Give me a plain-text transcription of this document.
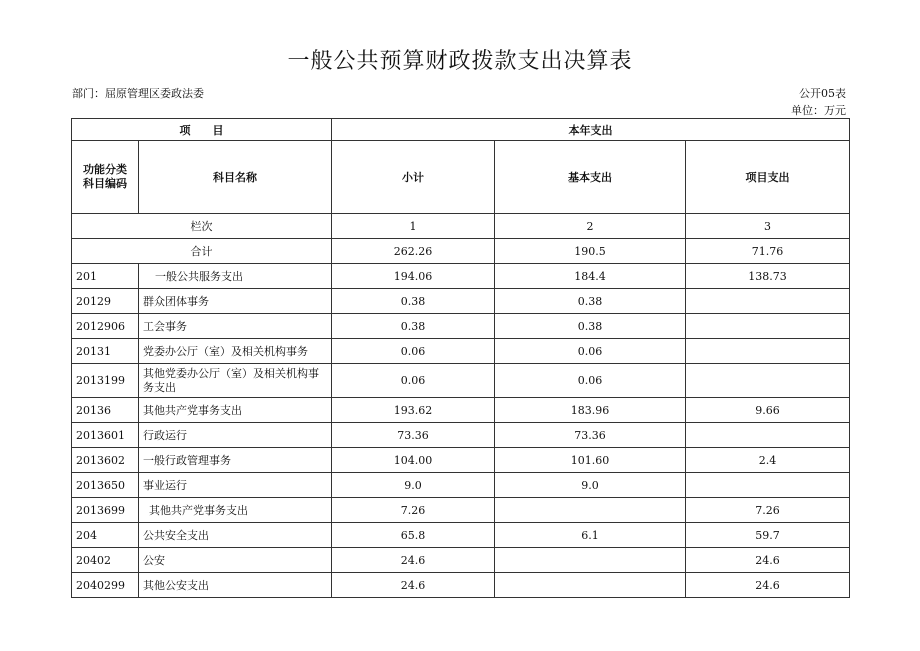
一般公共预算财政拨款支出决算表
部门：屈原管理区委政法委	公开05表
单位：万元
项　　目		本年支出		
功能分类
科目编码	科目名称	小计	基本支出	项目支出
栏次		1	2	3
合计		262.26	190.5	71.76
201	一般公共服务支出	194.06	184.4	138.73
20129	群众团体事务	0.38	0.38	
2012906	工会事务	0.38	0.38	
20131	党委办公厅（室）及相关机构事务	0.06	0.06	
2013199	其他党委办公厅（室）及相关机构事务支出	0.06	0.06	
20136	其他共产党事务支出	193.62	183.96	9.66
2013601	行政运行	73.36	73.36	
2013602	一般行政管理事务	104.00	101.60	2.4
2013650	事业运行	9.0	9.0	
2013699	其他共产党事务支出	7.26		7.26
204	公共安全支出	65.8	6.1	59.7
20402	公安	24.6		24.6
2040299	其他公安支出	24.6		24.6
